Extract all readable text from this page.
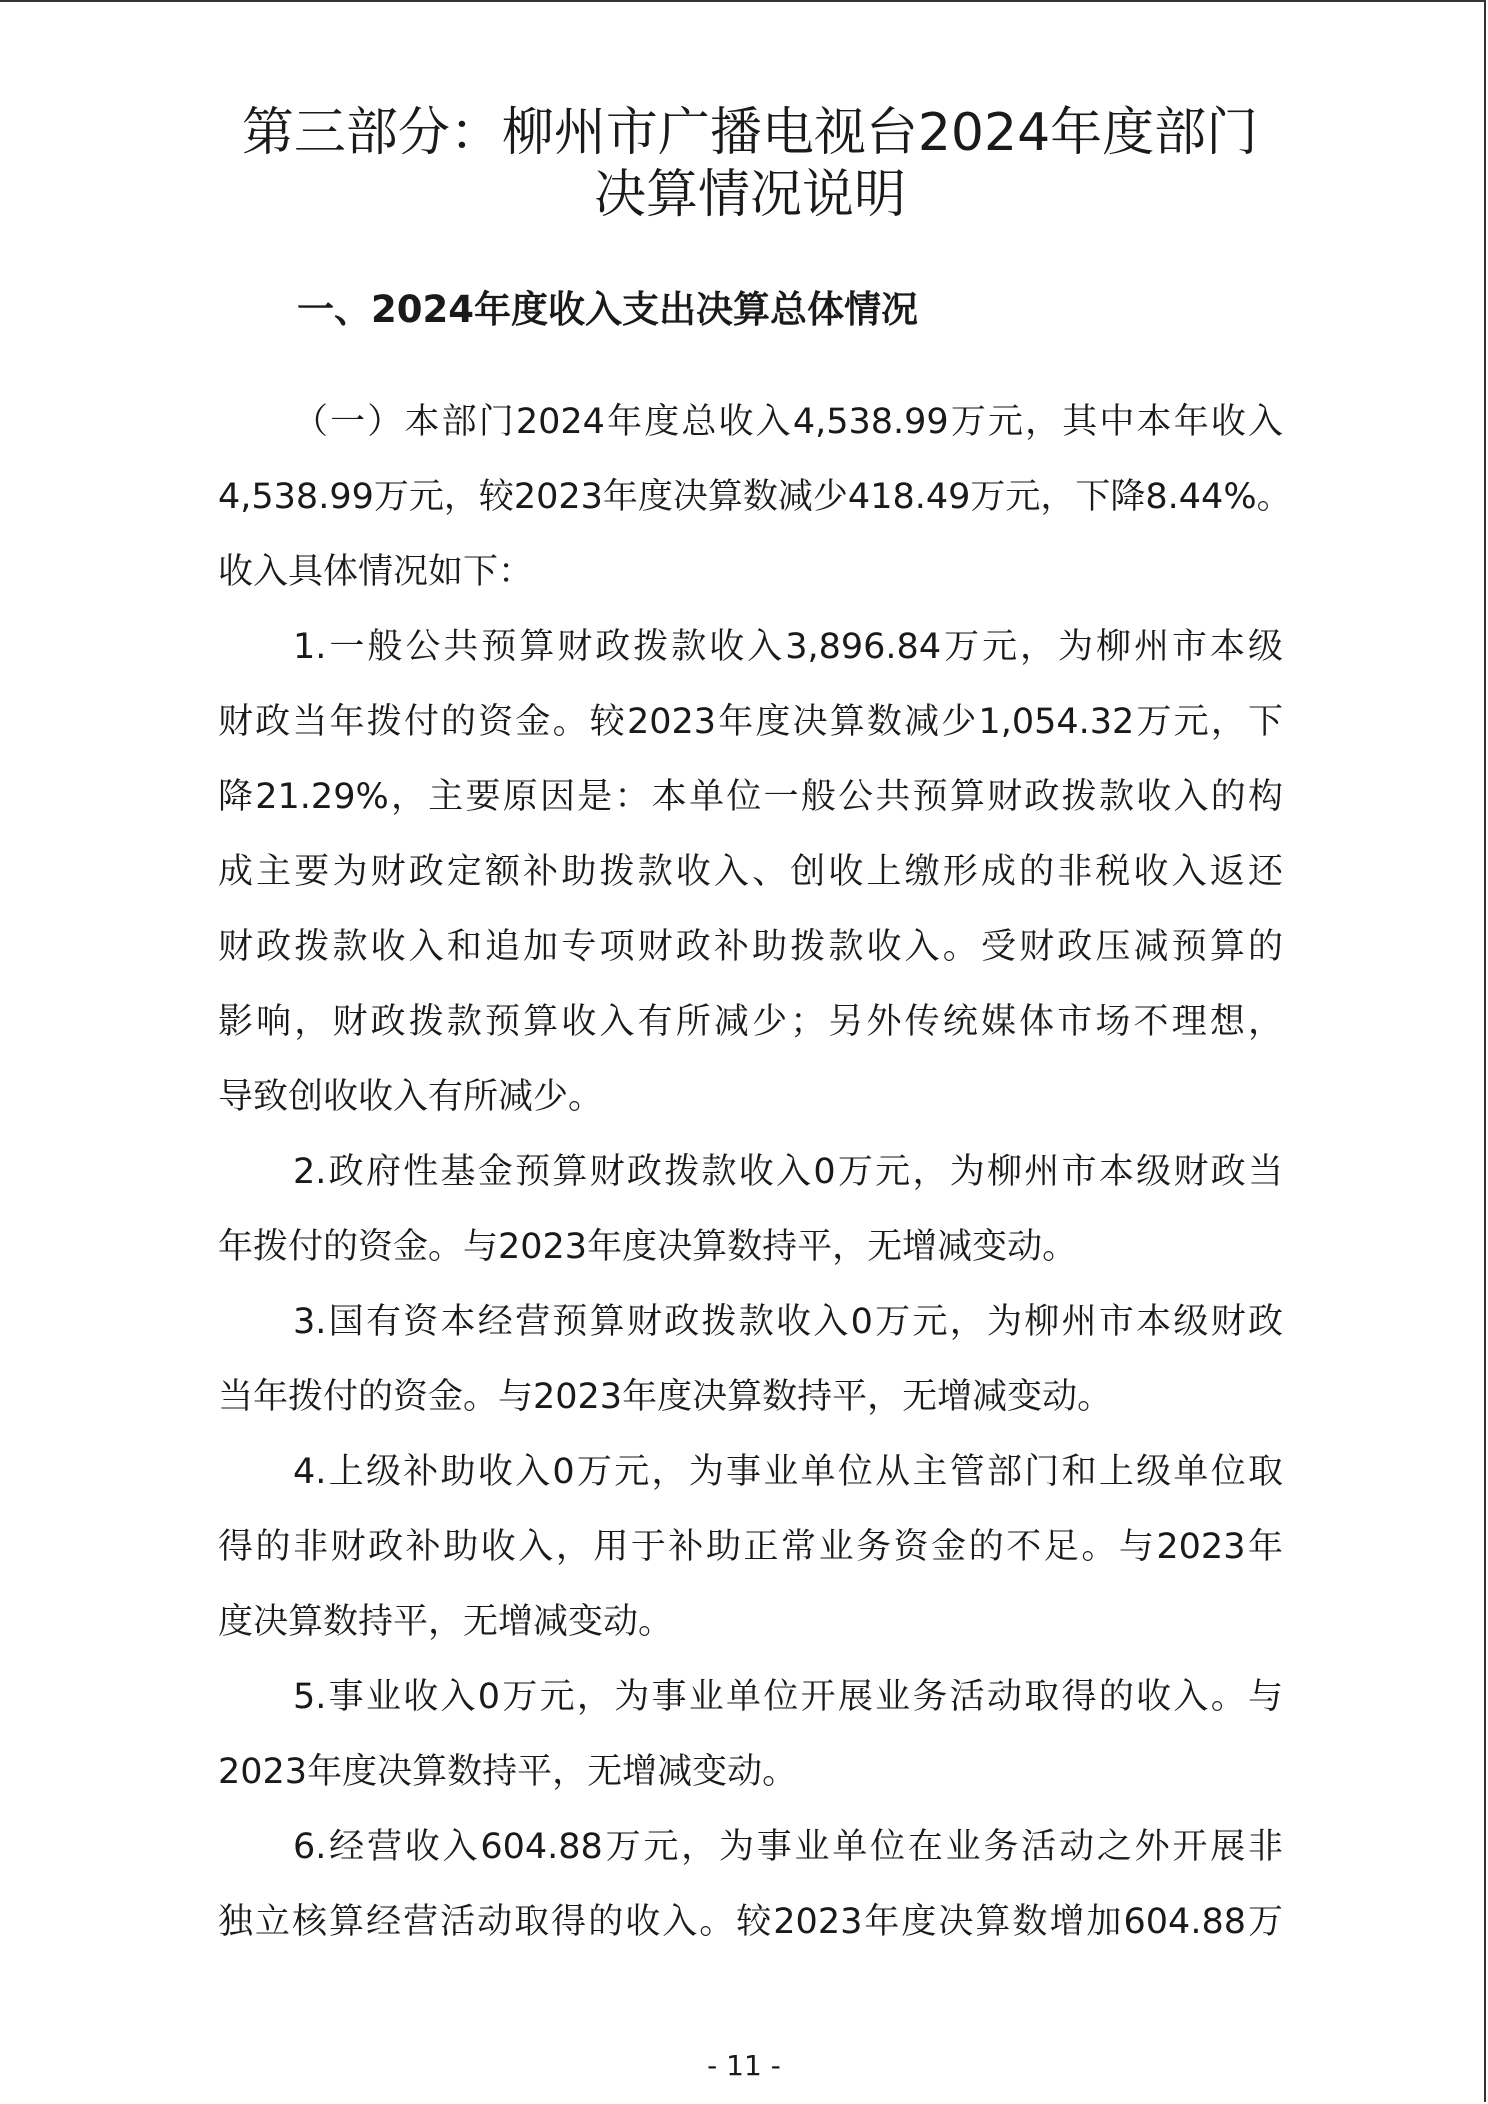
第三部分：柳州市广播电视台2024年度部门
决算情况说明
一、2024年度收入支出决算总体情况
（一）本部门2024年度总收入4,538.99万元，其中本年收入
4,538.99万元，较2023年度决算数减少418.49万元，下降8.44%。
收入具体情况如下：
1.一般公共预算财政拨款收入3,896.84万元，为柳州市本级
财政当年拨付的资金。较2023年度决算数减少1,054.32万元，下
降21.29%，主要原因是：本单位一般公共预算财政拨款收入的构
成主要为财政定额补助拨款收入、创收上缴形成的非税收入返还
财政拨款收入和追加专项财政补助拨款收入。受财政压减预算的
影响，财政拨款预算收入有所减少；另外传统媒体市场不理想，
导致创收收入有所减少。
2.政府性基金预算财政拨款收入0万元，为柳州市本级财政当
年拨付的资金。与2023年度决算数持平，无增减变动。
3.国有资本经营预算财政拨款收入0万元，为柳州市本级财政
当年拨付的资金。与2023年度决算数持平，无增减变动。
4.上级补助收入0万元，为事业单位从主管部门和上级单位取
得的非财政补助收入，用于补助正常业务资金的不足。与2023年
度决算数持平，无增减变动。
5.事业收入0万元，为事业单位开展业务活动取得的收入。与
2023年度决算数持平，无增减变动。
6.经营收入604.88万元，为事业单位在业务活动之外开展非
独立核算经营活动取得的收入。较2023年度决算数增加604.88万
- 11 -
